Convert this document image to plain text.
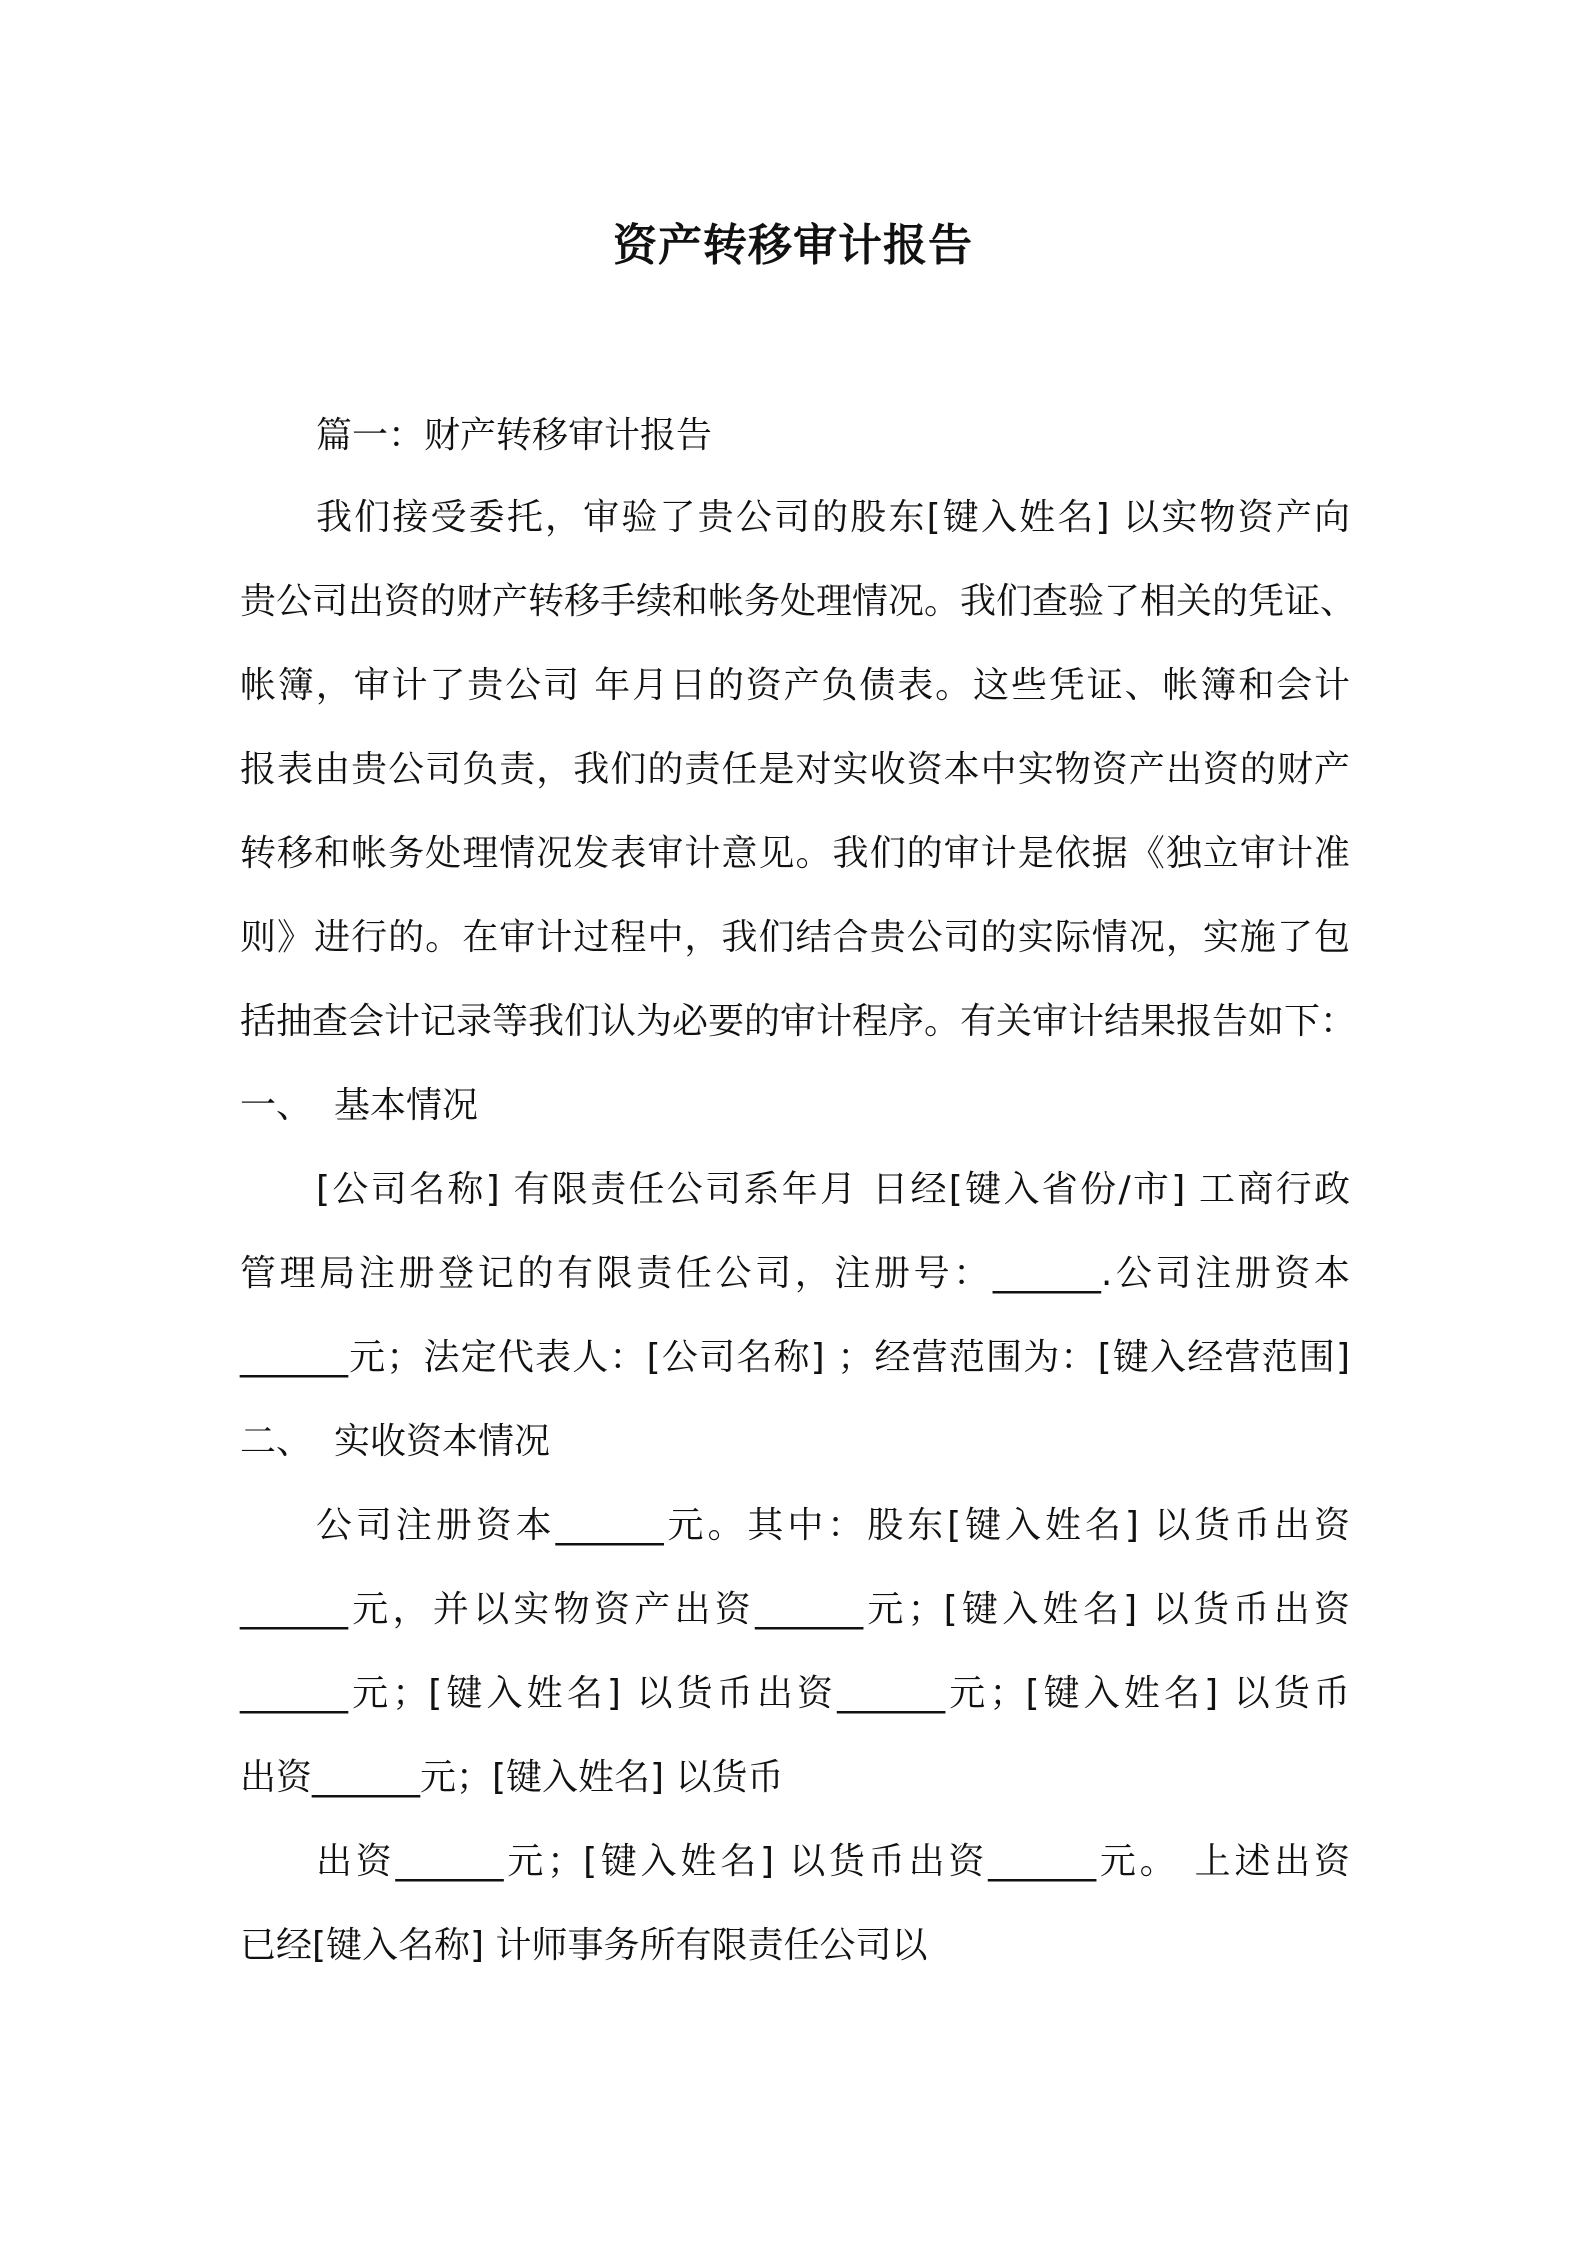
资产转移审计报告
篇一：财产转移审计报告
我们接受委托，审验了贵公司的股东[键入姓名] 以实物资产向
贵公司出资的财产转移手续和帐务处理情况。我们查验了相关的凭证、
帐簿，审计了贵公司 年月日的资产负债表。这些凭证、帐簿和会计
报表由贵公司负责，我们的责任是对实收资本中实物资产出资的财产
转移和帐务处理情况发表审计意见。我们的审计是依据《独立审计准
则》进行的。在审计过程中，我们结合贵公司的实际情况，实施了包
括抽查会计记录等我们认为必要的审计程序。有关审计结果报告如下：
一、 基本情况
[公司名称] 有限责任公司系年月 日经[键入省份/市] 工商行政
管理局注册登记的有限责任公司，注册号：______.公司注册资本
______元；法定代表人：[公司名称] ；经营范围为：[键入经营范围]
二、 实收资本情况
公司注册资本______元。其中：股东[键入姓名] 以货币出资
______元，并以实物资产出资______元；[键入姓名] 以货币出资
______元；[键入姓名] 以货币出资______元；[键入姓名] 以货币
出资______元；[键入姓名] 以货币
出资______元；[键入姓名] 以货币出资______元。 上述出资
已经[键入名称] 计师事务所有限责任公司以
